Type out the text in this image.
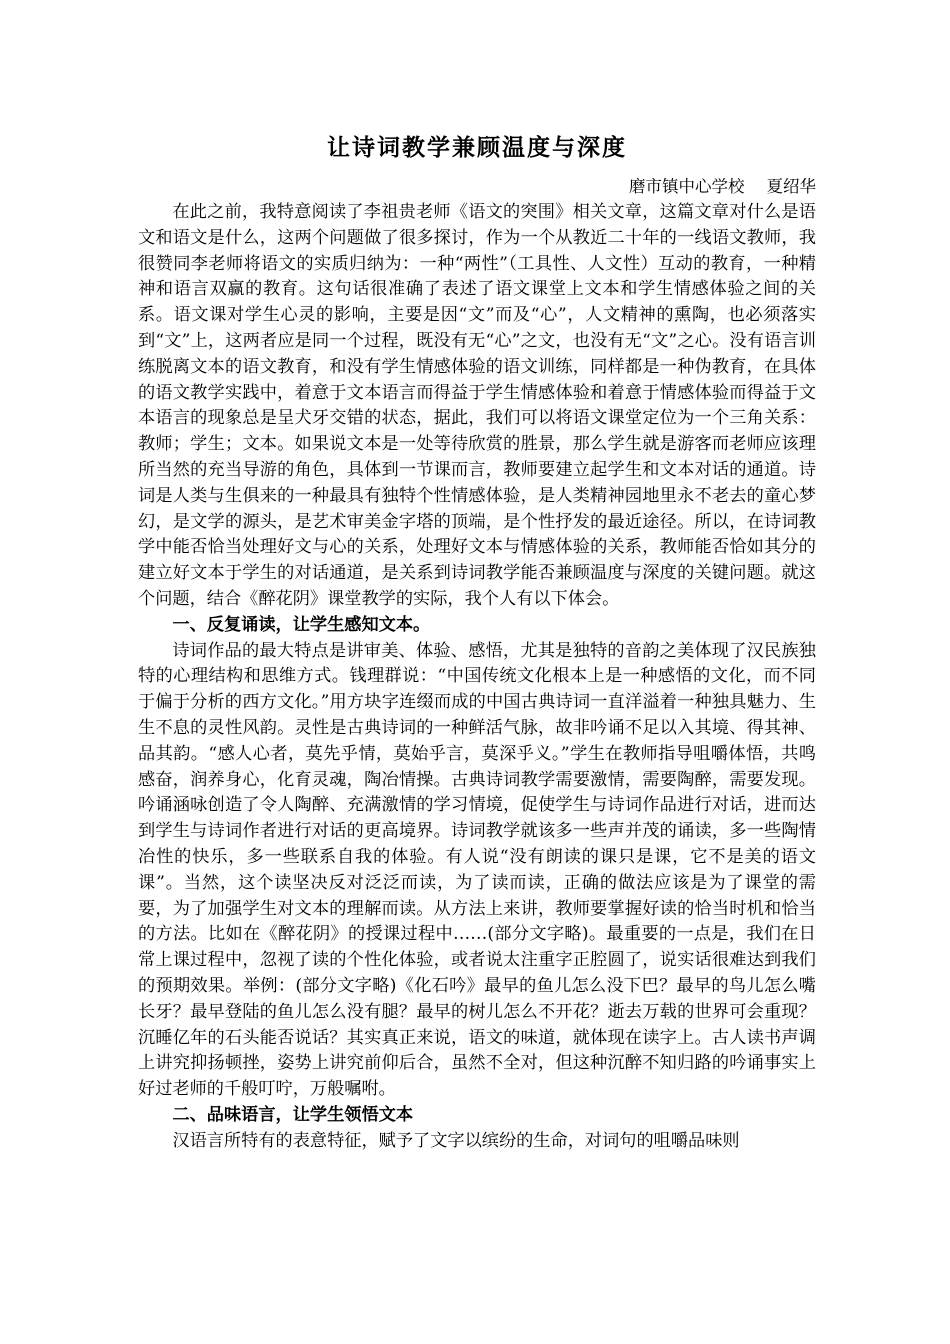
让诗词教学兼顾温度与深度
磨市镇中心学校 夏绍华

在此之前，我特意阅读了李祖贵老师《语文的突围》相关文章，这篇文章对什么是语文和语文是什么，这两个问题做了很多探讨，作为一个从教近二十年的一线语文教师，我很赞同李老师将语文的实质归纳为：一种“两性”（工具性、人文性）互动的教育，一种精神和语言双赢的教育。这句话很准确了表述了语文课堂上文本和学生情感体验之间的关系。语文课对学生心灵的影响，主要是因“文”而及“心”，人文精神的熏陶，也必须落实到“文”上，这两者应是同一个过程，既没有无“心”之文，也没有无“文”之心。没有语言训练脱离文本的语文教育，和没有学生情感体验的语文训练，同样都是一种伪教育，在具体的语文教学实践中，着意于文本语言而得益于学生情感体验和着意于情感体验而得益于文本语言的现象总是呈犬牙交错的状态，据此，我们可以将语文课堂定位为一个三角关系：教师；学生；文本。如果说文本是一处等待欣赏的胜景，那么学生就是游客而老师应该理所当然的充当导游的角色，具体到一节课而言，教师要建立起学生和文本对话的通道。诗词是人类与生俱来的一种最具有独特个性情感体验，是人类精神园地里永不老去的童心梦幻，是文学的源头，是艺术审美金字塔的顶端，是个性抒发的最近途径。所以，在诗词教学中能否恰当处理好文与心的关系，处理好文本与情感体验的关系，教师能否恰如其分的建立好文本于学生的对话通道，是关系到诗词教学能否兼顾温度与深度的关键问题。就这个问题，结合《醉花阴》课堂教学的实际，我个人有以下体会。

一、反复诵读，让学生感知文本。

诗词作品的最大特点是讲审美、体验、感悟，尤其是独特的音韵之美体现了汉民族独特的心理结构和思维方式。钱理群说：“中国传统文化根本上是一种感悟的文化，而不同于偏于分析的西方文化。”用方块字连缀而成的中国古典诗词一直洋溢着一种独具魅力、生生不息的灵性风韵。灵性是古典诗词的一种鲜活气脉，故非吟诵不足以入其境、得其神、品其韵。“感人心者，莫先乎情，莫始乎言，莫深乎义。”学生在教师指导咀嚼体悟，共鸣感奋，润养身心，化育灵魂，陶冶情操。古典诗词教学需要激情，需要陶醉，需要发现。吟诵涵咏创造了令人陶醉、充满激情的学习情境，促使学生与诗词作品进行对话，进而达到学生与诗词作者进行对话的更高境界。诗词教学就该多一些声并茂的诵读，多一些陶情冶性的快乐，多一些联系自我的体验。有人说“没有朗读的课只是课，它不是美的语文课”。当然，这个读坚决反对泛泛而读，为了读而读，正确的做法应该是为了课堂的需要，为了加强学生对文本的理解而读。从方法上来讲，教师要掌握好读的恰当时机和恰当的方法。比如在《醉花阴》的授课过程中……(部分文字略)。最重要的一点是，我们在日常上课过程中，忽视了读的个性化体验，或者说太注重字正腔圆了，说实话很难达到我们的预期效果。举例：(部分文字略)《化石吟》最早的鱼儿怎么没下巴？最早的鸟儿怎么嘴长牙？最早登陆的鱼儿怎么没有腿？最早的树儿怎么不开花？逝去万载的世界可会重现？沉睡亿年的石头能否说话？其实真正来说，语文的味道，就体现在读字上。古人读书声调上讲究抑扬顿挫，姿势上讲究前仰后合，虽然不全对，但这种沉醉不知归路的吟诵事实上好过老师的千般叮咛，万般嘱咐。

二、品味语言，让学生领悟文本

汉语言所特有的表意特征，赋予了文字以缤纷的生命，对词句的咀嚼品味则
